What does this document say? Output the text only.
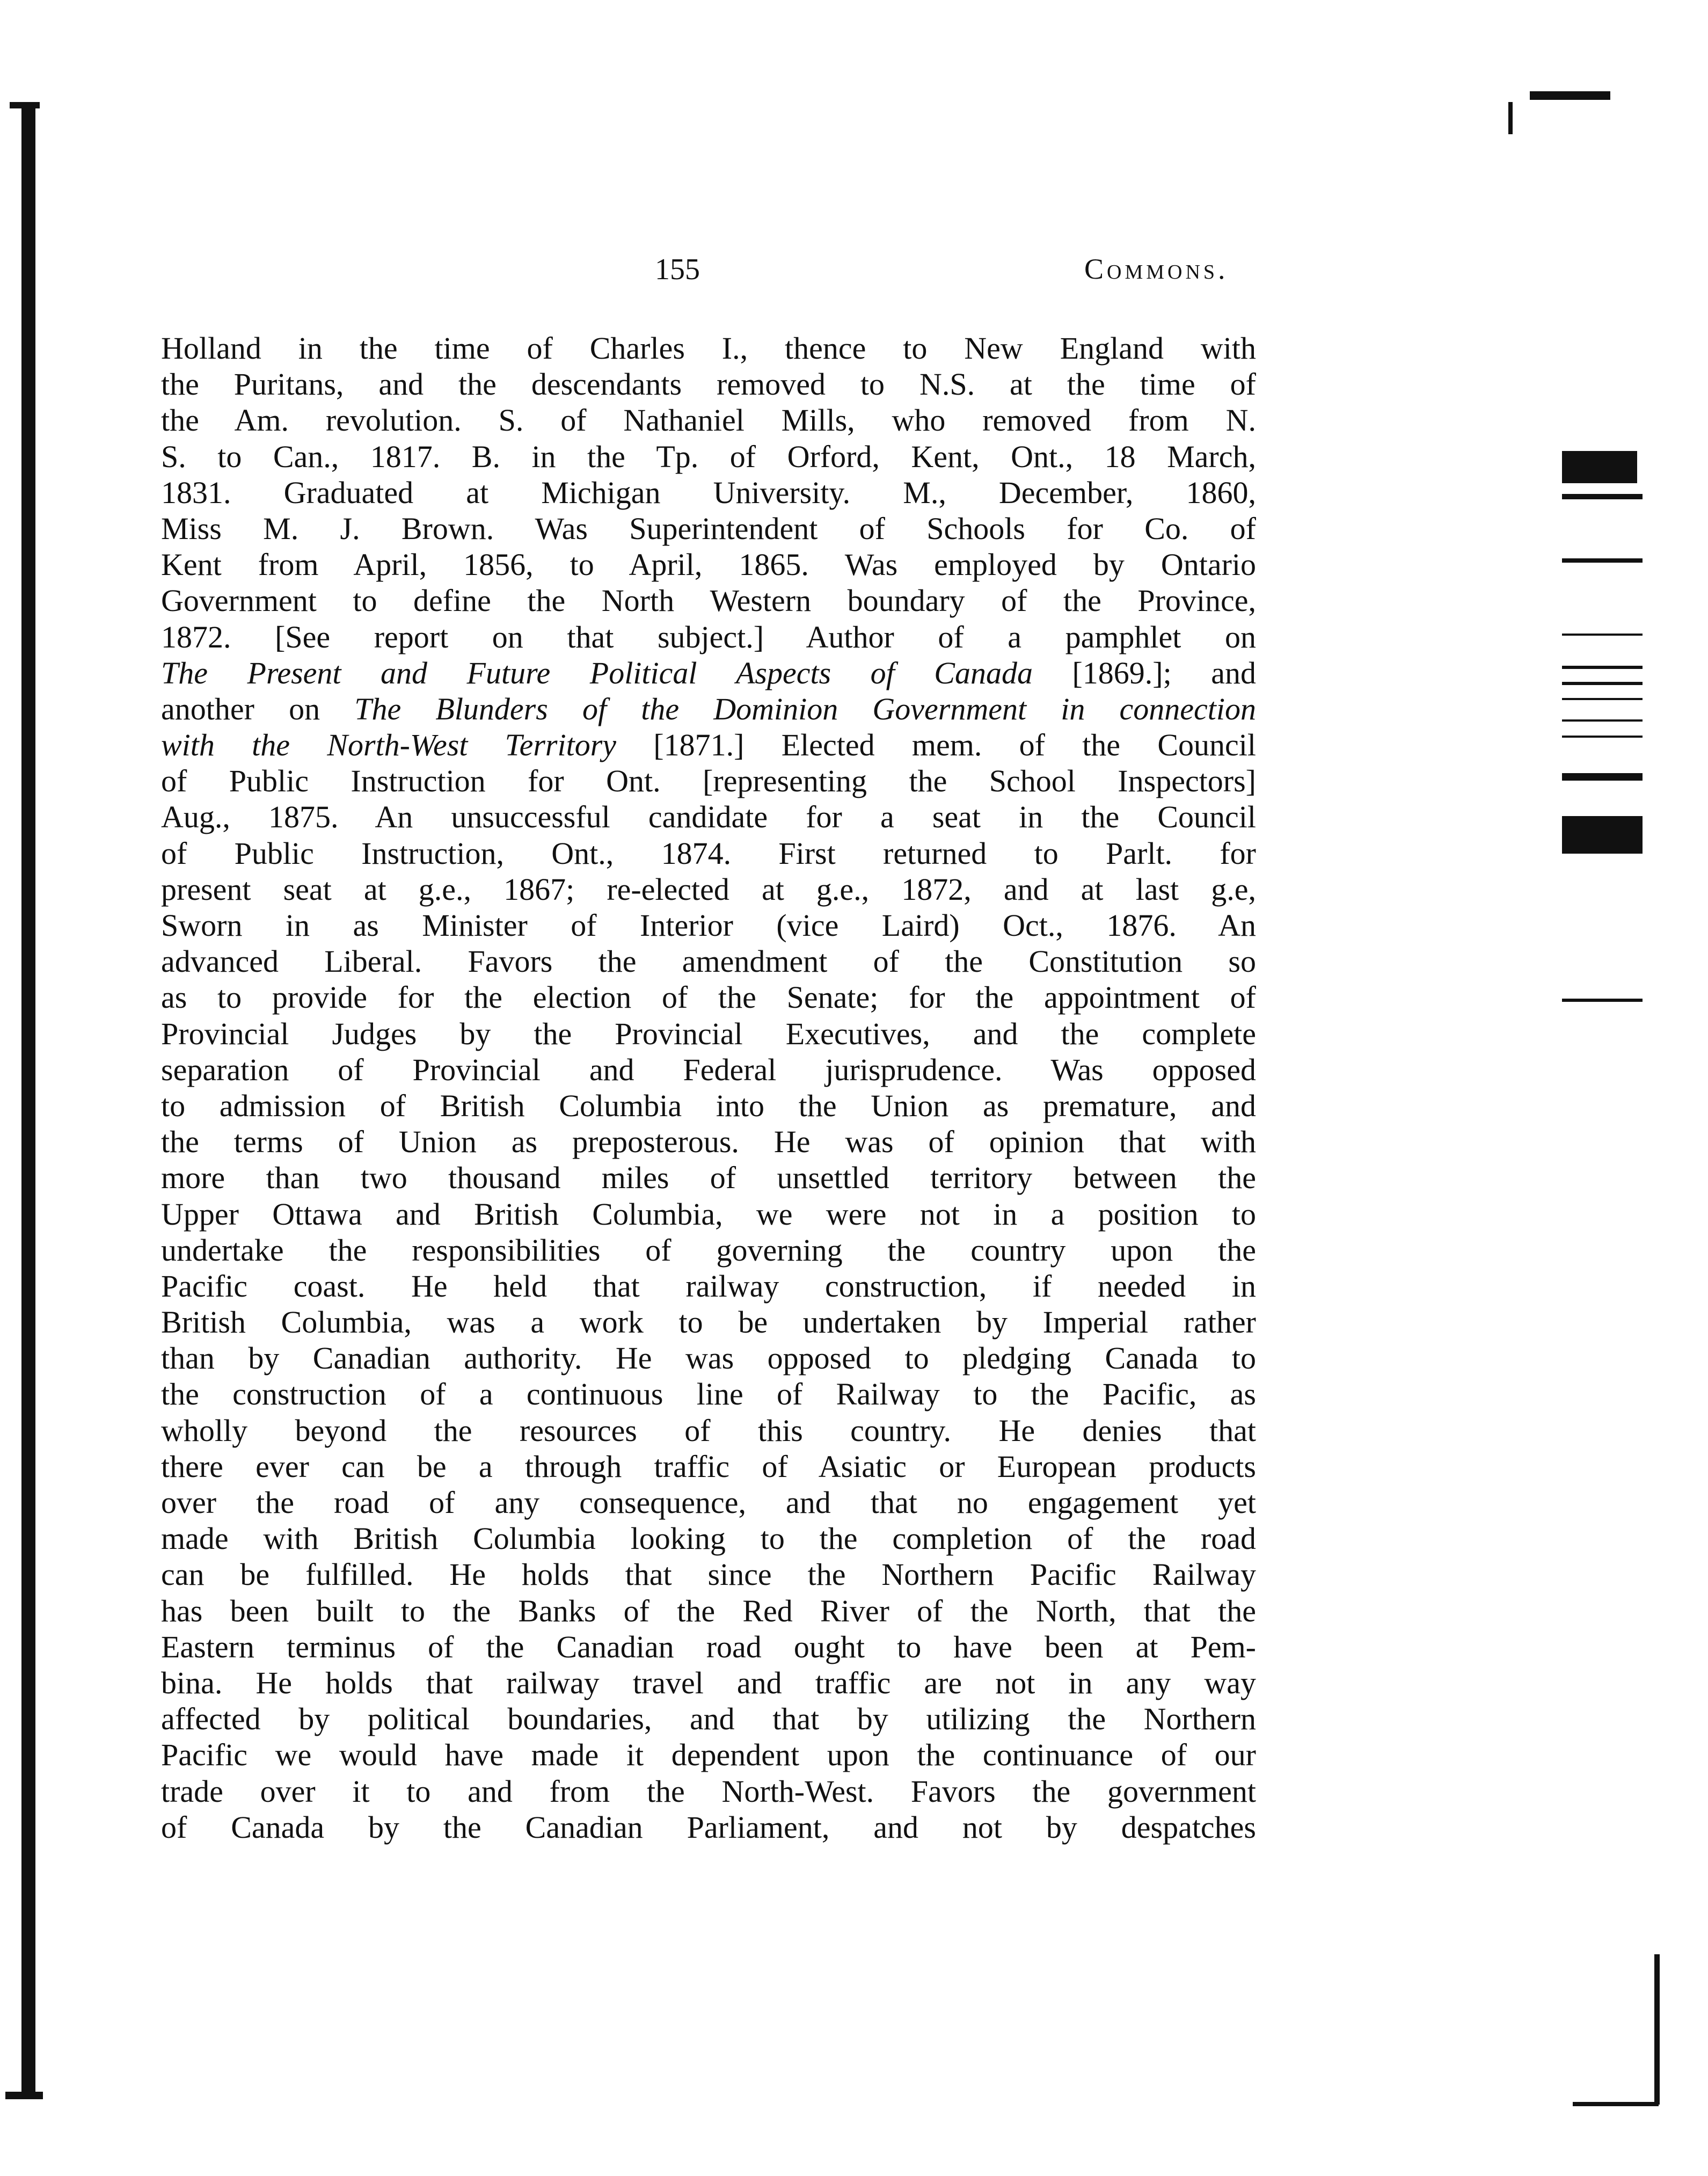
155	Commons.
Holland in the time of Charles I., thence to New England with
the Puritans, and the descendants removed to N.S. at the time of
the Am. revolution. S. of Nathaniel Mills, who removed from N.
S. to Can., 1817. B. in the Tp. of Orford, Kent, Ont., 18 March,
1831. Graduated at Michigan University. M., December, 1860,
Miss M. J. Brown. Was Superintendent of Schools for Co. of
Kent from April, 1856, to April, 1865. Was employed by Ontario
Government to define the North Western boundary of the Province,
1872. [See report on that subject.] Author of a pamphlet on
The Present and Future Political Aspects of Canada [1869.]; and
another on The Blunders of the Dominion Government in connection
with the North-West Territory [1871.] Elected mem. of the Council
of Public Instruction for Ont. [representing the School Inspectors]
Aug., 1875. An unsuccessful candidate for a seat in the Council
of Public Instruction, Ont., 1874. First returned to Parlt. for
present seat at g.e., 1867; re-elected at g.e., 1872, and at last g.e,
Sworn in as Minister of Interior (vice Laird) Oct., 1876. An
advanced Liberal. Favors the amendment of the Constitution so
as to provide for the election of the Senate; for the appointment of
Provincial Judges by the Provincial Executives, and the complete
separation of Provincial and Federal jurisprudence. Was opposed
to admission of British Columbia into the Union as premature, and
the terms of Union as preposterous. He was of opinion that with
more than two thousand miles of unsettled territory between the
Upper Ottawa and British Columbia, we were not in a position to
undertake the responsibilities of governing the country upon the
Pacific coast. He held that railway construction, if needed in
British Columbia, was a work to be undertaken by Imperial rather
than by Canadian authority. He was opposed to pledging Canada to
the construction of a continuous line of Railway to the Pacific, as
wholly beyond the resources of this country. He denies that
there ever can be a through traffic of Asiatic or European products
over the road of any consequence, and that no engagement yet
made with British Columbia looking to the completion of the road
can be fulfilled. He holds that since the Northern Pacific Railway
has been built to the Banks of the Red River of the North, that the
Eastern terminus of the Canadian road ought to have been at Pem-
bina. He holds that railway travel and traffic are not in any way
affected by political boundaries, and that by utilizing the Northern
Pacific we would have made it dependent upon the continuance of our
trade over it to and from the North-West. Favors the government
of Canada by the Canadian Parliament, and not by despatches
